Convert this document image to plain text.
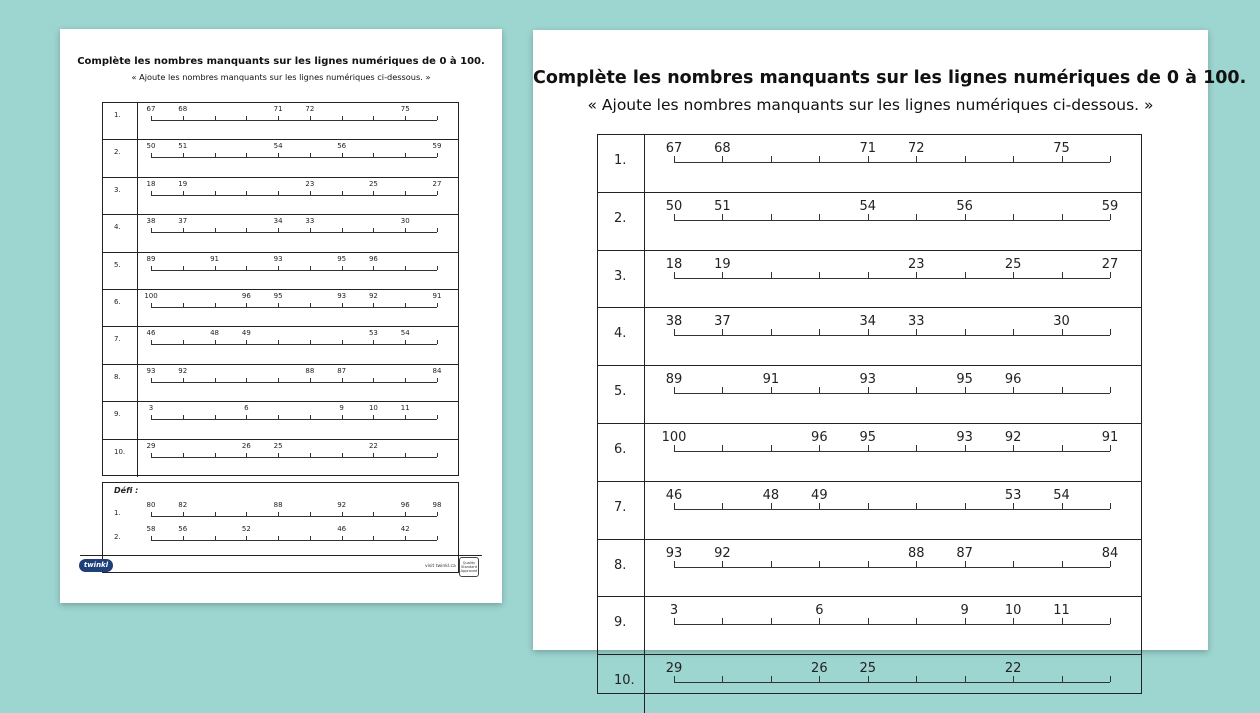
Complète les nombres manquants sur les lignes numériques de 0 à 100.
« Ajoute les nombres manquants sur les lignes numériques ci-dessous. »
1.
67	68	71	72	75
2.
50	51	54	56	59
3.
18	19	23	25	27
4.
38	37	34	33	30
5.
89	91	93	95	96
6.
100	96	95	93	92	91
7.
46	48	49	53	54
8.
93	92	88	87	84
9.
3	6	9	10	11
10.
29	26	25	22
Défi :
1.
80	82	88	92	96	98
2.
58	56	52	46	42
twinkl	visit twinkl.ca
Quality Standard Approved
Complète les nombres manquants sur les lignes numériques de 0 à 100.
« Ajoute les nombres manquants sur les lignes numériques ci-dessous. »
1.
67 68	71 72	75
2.
50 51	54	56	59
3.
18 19	23	25	27
4.
38 37	34 33	30
5.
89	91	93	95 96
6.
100	96 95	93 92	91
7.
46	48 49	53 54
8.
93 92	88 87	84
9.
3	6	9	10 11
10.
29	26 25	22
